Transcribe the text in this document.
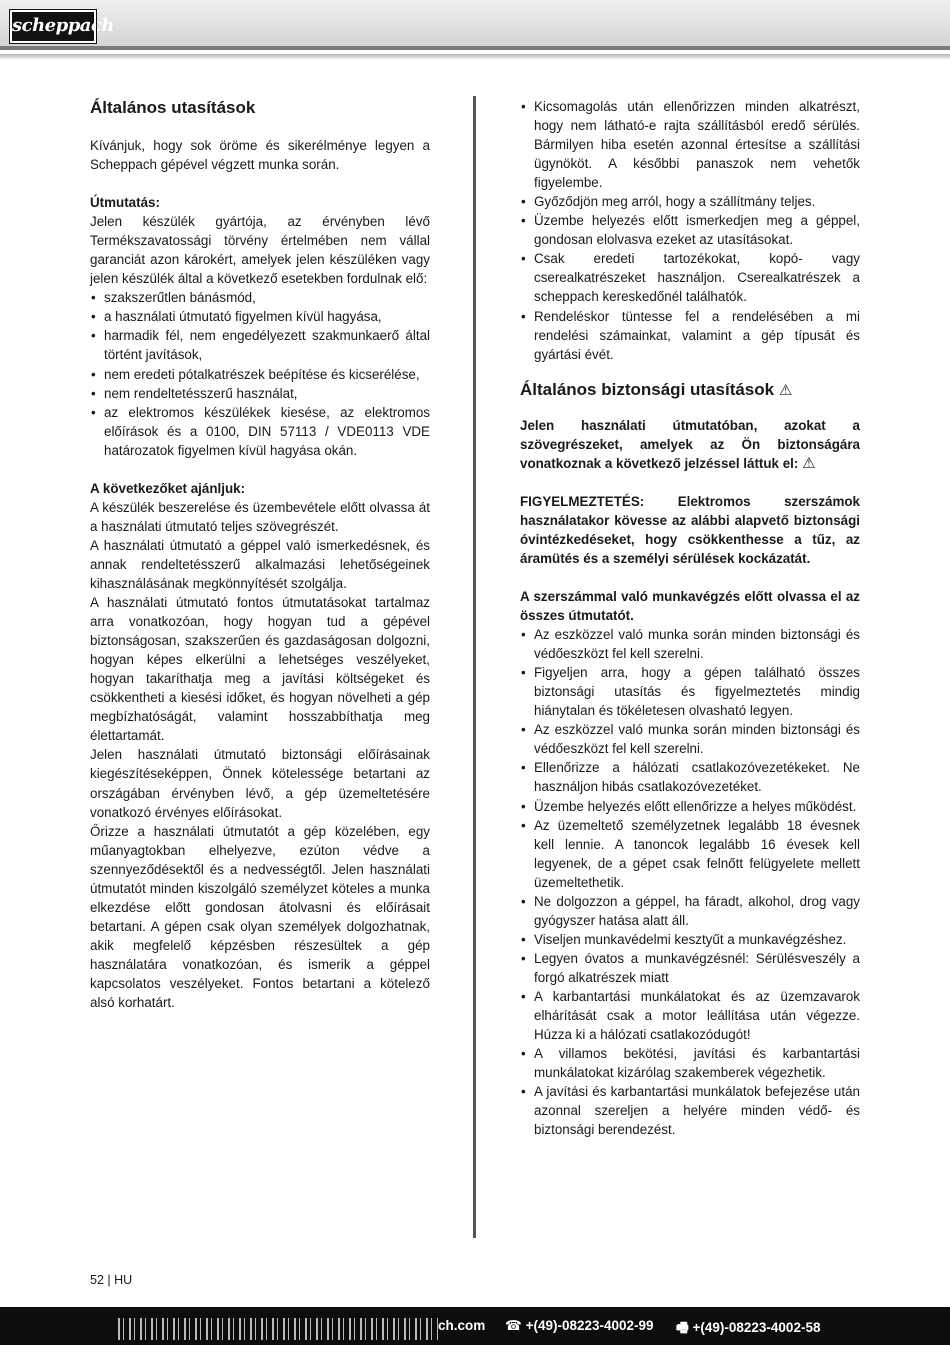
scheppach
Általános utasítások

Kívánjuk, hogy sok öröme és sikerélménye legyen a Scheppach gépével végzett munka során.

Útmutatás:

Jelen készülék gyártója, az érvényben lévő Termékszavatossági törvény értelmében nem vállal garanciát azon károkért, amelyek jelen készüléken vagy jelen készülék által a következő esetekben fordulnak elő:

• szakszerűtlen bánásmód,
• a használati útmutató figyelmen kívül hagyása,
• harmadik fél, nem engedélyezett szakmunkaerő által történt javítások,
• nem eredeti pótalkatrészek beépítése és kicserélése,
• nem rendeltetésszerű használat,
• az elektromos készülékek kiesése, az elektromos előírások és a 0100, DIN 57113 / VDE0113 VDE határozatok figyelmen kívül hagyása okán.

A következőket ajánljuk:

A készülék beszerelése és üzembevétele előtt olvassa át a használati útmutató teljes szövegrészét.

A használati útmutató a géppel való ismerkedésnek, és annak rendeltetésszerű alkalmazási lehetőségeinek kihasználásának megkönnyítését szolgálja.

A használati útmutató fontos útmutatásokat tartalmaz arra vonatkozóan, hogy hogyan tud a gépével biztonságosan, szakszerűen és gazdaságosan dolgozni, hogyan képes elkerülni a lehetséges veszélyeket, hogyan takaríthatja meg a javítási költségeket és csökkentheti a kiesési időket, és hogyan növelheti a gép megbízhatóságát, valamint hosszabbíthatja meg élettartamát.

Jelen használati útmutató biztonsági előírásainak kiegészítéseképpen, Önnek kötelessége betartani az országában érvényben lévő, a gép üzemeltetésére vonatkozó érvényes előírásokat.

Őrizze a használati útmutatót a gép közelében, egy műanyagtokban elhelyezve, ezúton védve a szennyeződésektől és a nedvességtől. Jelen használati útmutatót minden kiszolgáló személyzet köteles a munka elkezdése előtt gondosan átolvasni és előírásait betartani. A gépen csak olyan személyek dolgozhatnak, akik megfelelő képzésben részesültek a gép használatára vonatkozóan, és ismerik a géppel kapcsolatos veszélyeket. Fontos betartani a kötelező alsó korhatárt.

• Kicsomagolás után ellenőrizzen minden alkatrészt, hogy nem látható-e rajta szállításból eredő sérülés. Bármilyen hiba esetén azonnal értesítse a szállítási ügynököt. A későbbi panaszok nem vehetők figyelembe.
• Győződjön meg arról, hogy a szállítmány teljes.
• Üzembe helyezés előtt ismerkedjen meg a géppel, gondosan elolvasva ezeket az utasításokat.
• Csak eredeti tartozékokat, kopó- vagy cserealkatrészeket használjon. Cserealkatrészek a scheppach kereskedőnél találhatók.
• Rendeléskor tüntesse fel a rendelésében a mi rendelési számainkat, valamint a gép típusát és gyártási évét.
Általános biztonsági utasítások ⚠

Jelen használati útmutatóban, azokat a szövegrészeket, amelyek az Ön biztonságára vonatkoznak a következő jelzéssel láttuk el: ⚠

FIGYELMEZTETÉS: Elektromos szerszámok használatakor kövesse az alábbi alapvető biztonsági óvintézkedéseket, hogy csökkenthesse a tűz, az áramütés és a személyi sérülések kockázatát.

A szerszámmal való munkavégzés előtt olvassa el az összes útmutatót.

• Az eszközzel való munka során minden biztonsági és védőeszközt fel kell szerelni.
• Figyeljen arra, hogy a gépen található összes biztonsági utasítás és figyelmeztetés mindig hiánytalan és tökéletesen olvasható legyen.
• Az eszközzel való munka során minden biztonsági és védőeszközt fel kell szerelni.
• Ellenőrizze a hálózati csatlakozóvezetékeket. Ne használjon hibás csatlakozóvezetéket.
• Üzembe helyezés előtt ellenőrizze a helyes működést.
• Az üzemeltető személyzetnek legalább 18 évesnek kell lennie. A tanoncok legalább 16 évesek kell legyenek, de a gépet csak felnőtt felügyelete mellett üzemeltethetik.
• Ne dolgozzon a géppel, ha fáradt, alkohol, drog vagy gyógyszer hatása alatt áll.
• Viseljen munkavédelmi kesztyűt a munkavégzéshez.
• Legyen óvatos a munkavégzésnél: Sérülésveszély a forgó alkatrészek miatt
• A karbantartási munkálatokat és az üzemzavarok elhárítását csak a motor leállítása után végezze. Húzza ki a hálózati csatlakozódugót!
• A villamos bekötési, javítási és karbantartási munkálatokat kizárólag szakemberek végezhetik.
• A javítási és karbantartási munkálatok befejezése után azonnal szereljen a helyére minden védő- és biztonsági berendezést.
52 | HU
ch.com ☎ +(49)-08223-4002-99 🖷 +(49)-08223-4002-58
